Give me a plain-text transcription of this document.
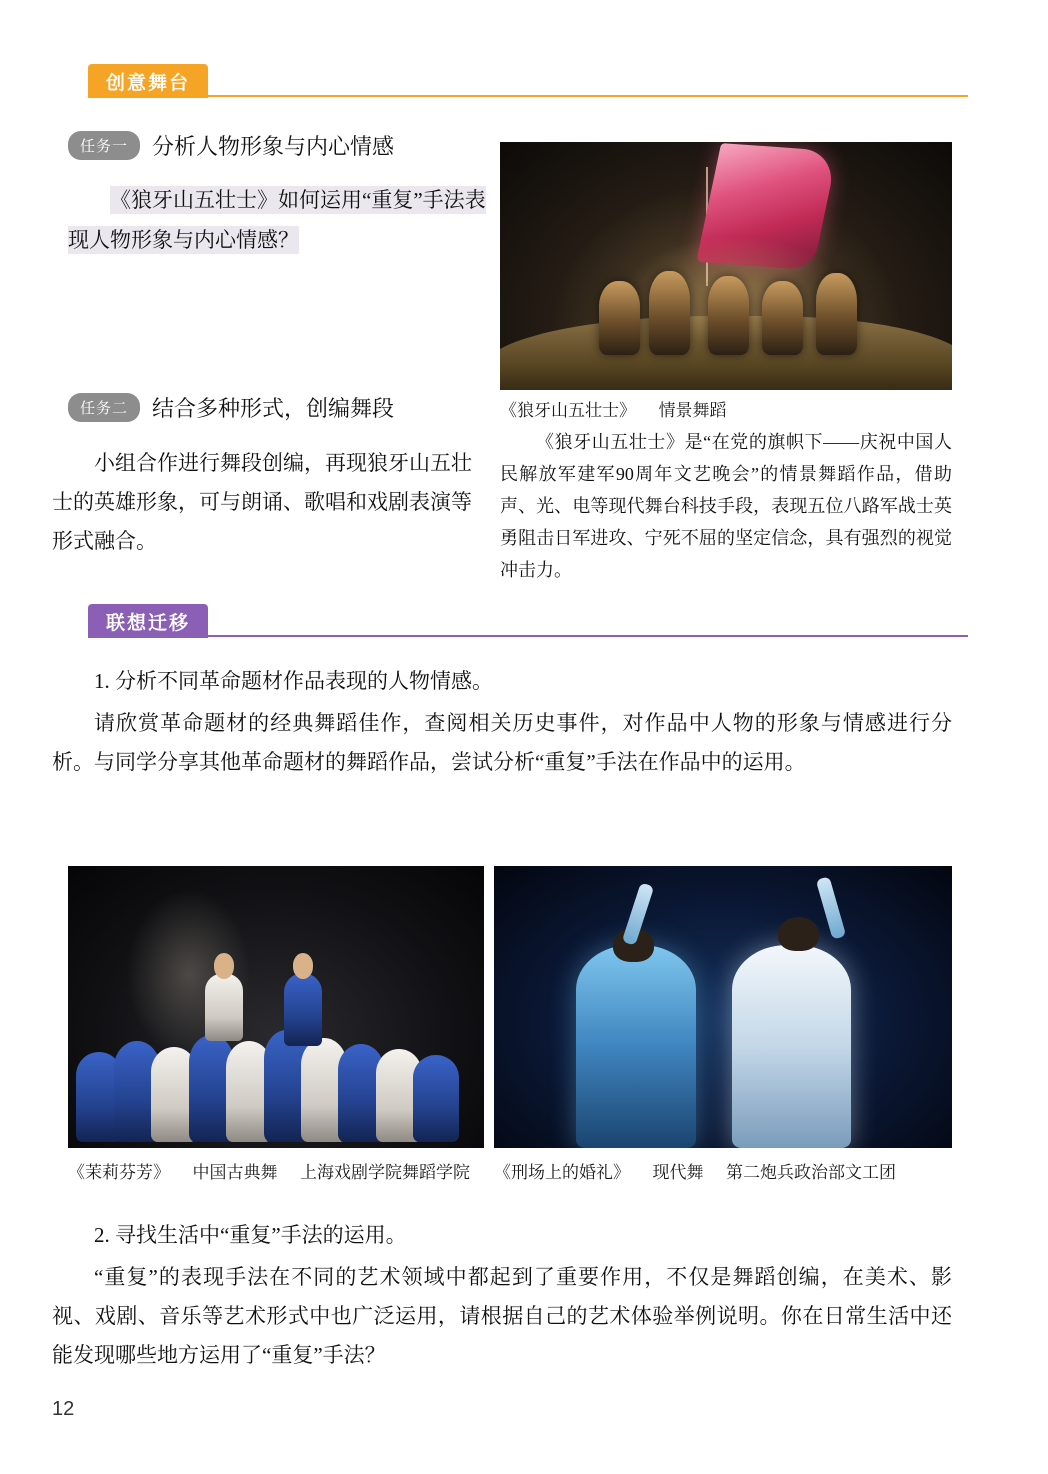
创意舞台
任务一	分析人物形象与内心情感
《狼牙山五壮士》如何运用“重复”手法表现人物形象与内心情感？
任务二	结合多种形式，创编舞段
小组合作进行舞段创编，再现狼牙山五壮士的英雄形象，可与朗诵、歌唱和戏剧表演等形式融合。
《狼牙山五壮士》 情景舞蹈
《狼牙山五壮士》是“在党的旗帜下——庆祝中国人民解放军建军90周年文艺晚会”的情景舞蹈作品，借助声、光、电等现代舞台科技手段，表现五位八路军战士英勇阻击日军进攻、宁死不屈的坚定信念，具有强烈的视觉冲击力。
联想迁移
1. 分析不同革命题材作品表现的人物情感。
请欣赏革命题材的经典舞蹈佳作，查阅相关历史事件，对作品中人物的形象与情感进行分析。与同学分享其他革命题材的舞蹈作品，尝试分析“重复”手法在作品中的运用。
《茉莉芬芳》 中国古典舞 上海戏剧学院舞蹈学院 《刑场上的婚礼》 现代舞 第二炮兵政治部文工团
2. 寻找生活中“重复”手法的运用。
“重复”的表现手法在不同的艺术领域中都起到了重要作用，不仅是舞蹈创编，在美术、影视、戏剧、音乐等艺术形式中也广泛运用，请根据自己的艺术体验举例说明。你在日常生活中还能发现哪些地方运用了“重复”手法？
12
